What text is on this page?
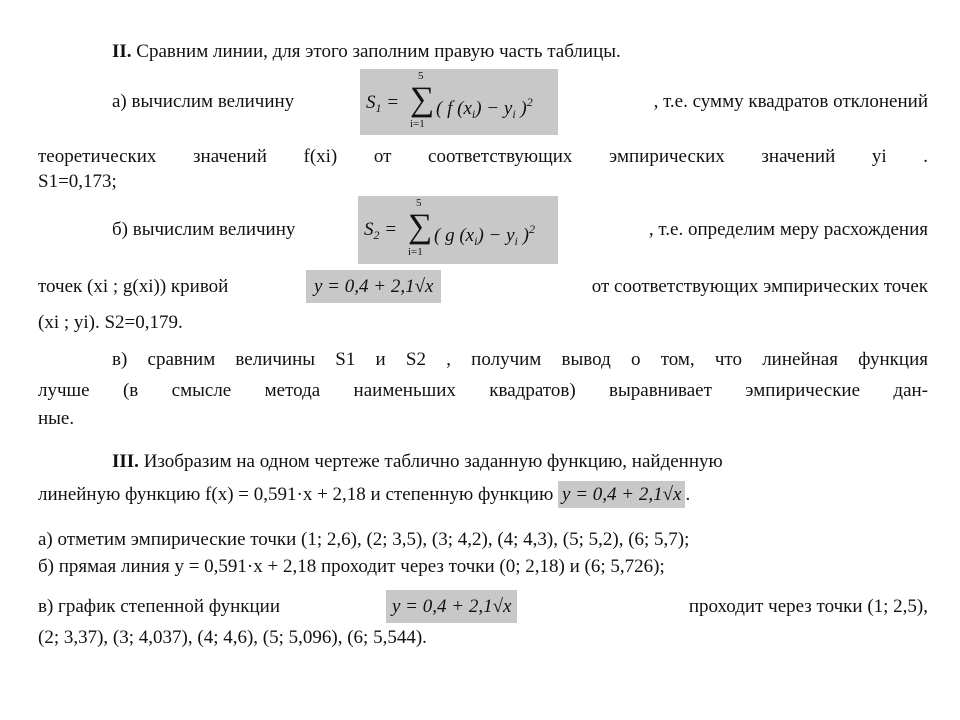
II. Сравним линии, для этого заполним правую часть таблицы.
а) вычислим величину	$S_1$ =
5
∑
i=1
( f $(x_i) - y_i$ )$^2$	, т.е. сумму квадратов отклонений
теоретических значений f(xi) от соответствующих эмпирических значений yi .
S1=0,173;
б) вычислим величину	$S_2$ =
5
∑
i=1
( g $(x_i) - y_i$ )$^2$	, т.е. определим меру расхождения
точек (xi ; g(xi)) кривой	y = 0,4 + 2,1√x	от соответствующих эмпирических точек
(xi ; yi). S2=0,179.
в) сравним величины S1 и S2 , получим вывод о том, что линейная функция
лучше (в смысле метода наименьших квадратов) выравнивает эмпирические дан-
ные.
III. Изобразим на одном чертеже таблично заданную функцию, найденную
линейную функцию f(x) = 0,591·x + 2,18 и степенную функцию y = 0,4 + 2,1√x .
а) отметим эмпирические точки (1; 2,6), (2; 3,5), (3; 4,2), (4; 4,3), (5; 5,2), (6; 5,7);
б) прямая линия y = 0,591·x + 2,18 проходит через точки (0; 2,18) и (6; 5,726);
в) график степенной функции	y = 0,4 + 2,1√x	проходит через точки (1; 2,5),
(2; 3,37), (3; 4,037), (4; 4,6), (5; 5,096), (6; 5,544).
